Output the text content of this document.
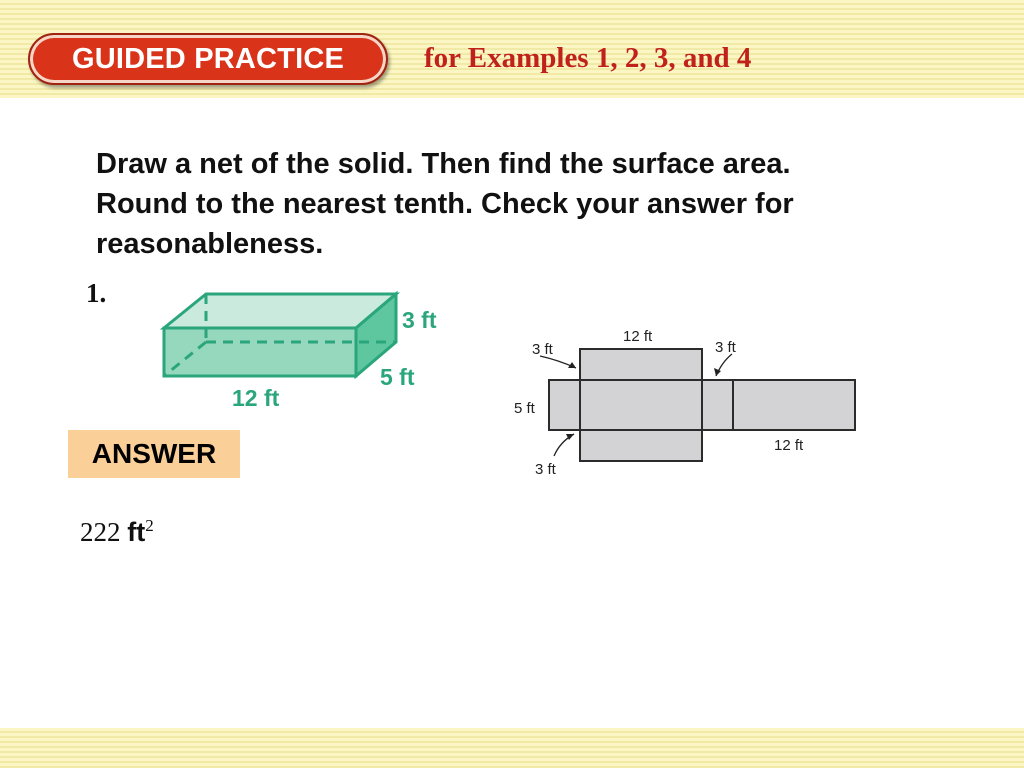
GUIDED PRACTICE	for Examples 1, 2, 3, and 4
Draw a net of the solid. Then find the surface area.
Round to the nearest tenth. Check your answer for
reasonableness.
1.
3 ft
5 ft
12 ft
12 ft
3 ft	3 ft
5 ft
12 ft
3 ft
ANSWER
222 $ft^2$
